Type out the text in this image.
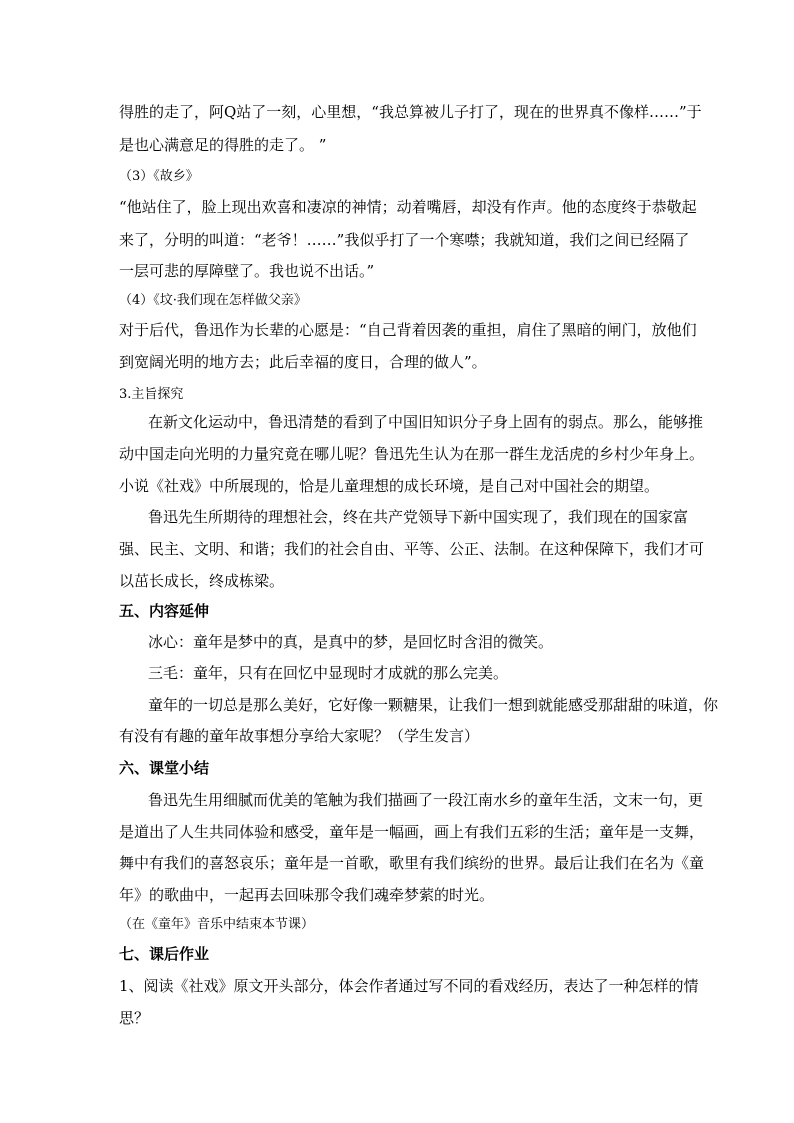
得胜的走了，阿Q站了一刻，心里想，“我总算被儿子打了，现在的世界真不像样……”于
是也心满意足的得胜的走了。 ”
（3）《故乡》
“他站住了，脸上现出欢喜和凄凉的神情；动着嘴唇，却没有作声。他的态度终于恭敬起
来了，分明的叫道：“老爷！……”我似乎打了一个寒噤；我就知道，我们之间已经隔了
一层可悲的厚障壁了。我也说不出话。”
（4）《坟·我们现在怎样做父亲》
对于后代，鲁迅作为长辈的心愿是：“自己背着因袭的重担，肩住了黑暗的闸门，放他们
到宽阔光明的地方去；此后幸福的度日，合理的做人”。
3.主旨探究
在新文化运动中，鲁迅清楚的看到了中国旧知识分子身上固有的弱点。那么，能够推
动中国走向光明的力量究竟在哪儿呢？鲁迅先生认为在那一群生龙活虎的乡村少年身上。
小说《社戏》中所展现的，恰是儿童理想的成长环境，是自己对中国社会的期望。
鲁迅先生所期待的理想社会，终在共产党领导下新中国实现了，我们现在的国家富
强、民主、文明、和谐；我们的社会自由、平等、公正、法制。在这种保障下，我们才可
以茁长成长，终成栋梁。
五、内容延伸
冰心：童年是梦中的真，是真中的梦，是回忆时含泪的微笑。
三毛：童年，只有在回忆中显现时才成就的那么完美。
童年的一切总是那么美好，它好像一颗糖果，让我们一想到就能感受那甜甜的味道，你
有没有有趣的童年故事想分享给大家呢？（学生发言）
六、课堂小结
鲁迅先生用细腻而优美的笔触为我们描画了一段江南水乡的童年生活，文末一句，更
是道出了人生共同体验和感受，童年是一幅画，画上有我们五彩的生活；童年是一支舞，
舞中有我们的喜怒哀乐；童年是一首歌，歌里有我们缤纷的世界。最后让我们在名为《童
年》的歌曲中，一起再去回味那令我们魂牵梦萦的时光。
（在《童年》音乐中结束本节课）
七、课后作业
1、阅读《社戏》原文开头部分，体会作者通过写不同的看戏经历，表达了一种怎样的情
思？
